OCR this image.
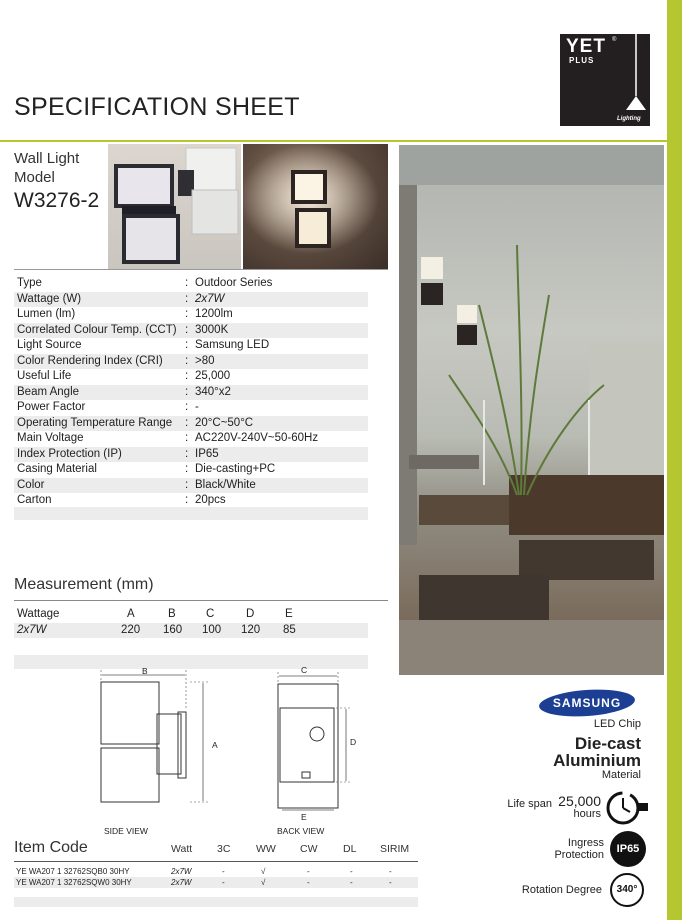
SPECIFICATION SHEET
YET ®
PLUS
Lighting
Wall Light
Model
W3276-2
Type	: Outdoor Series
Wattage (W)	: 2x7W
Lumen (lm)	: 1200lm
Correlated Colour Temp. (CCT) : 3000K
Light Source	: Samsung LED
Color Rendering Index (CRI) : >80
Useful Life	: 25,000
Beam Angle	: 340°x2
Power Factor	: -
Operating Temperature Range : 20°C~50°C
Main Voltage	: AC220V-240V~50-60Hz
Index Protection (IP)	: IP65
Casing Material	: Die-casting+PC
Color	: Black/White
Carton	: 20pcs
Measurement (mm)
Wattage	A	B	C	D	E
2x7W	220 160 100 120 85
B
A
SIDE VIEW
C
D
E
BACK VIEW
Item Code	Watt 3C WW CW DL SIRIM
YE WA207 1 32762SQB0 30HY	2x7W	-	√	-	-	-
YE WA207 1 32762SQW0 30HY	2x7W	-	√	-	-	-
SAMSUNG
LED Chip
Die-cast
Aluminium
Material
Life span 25,000
hours
Ingress
Protection	IP65
Rotation Degree	340°
